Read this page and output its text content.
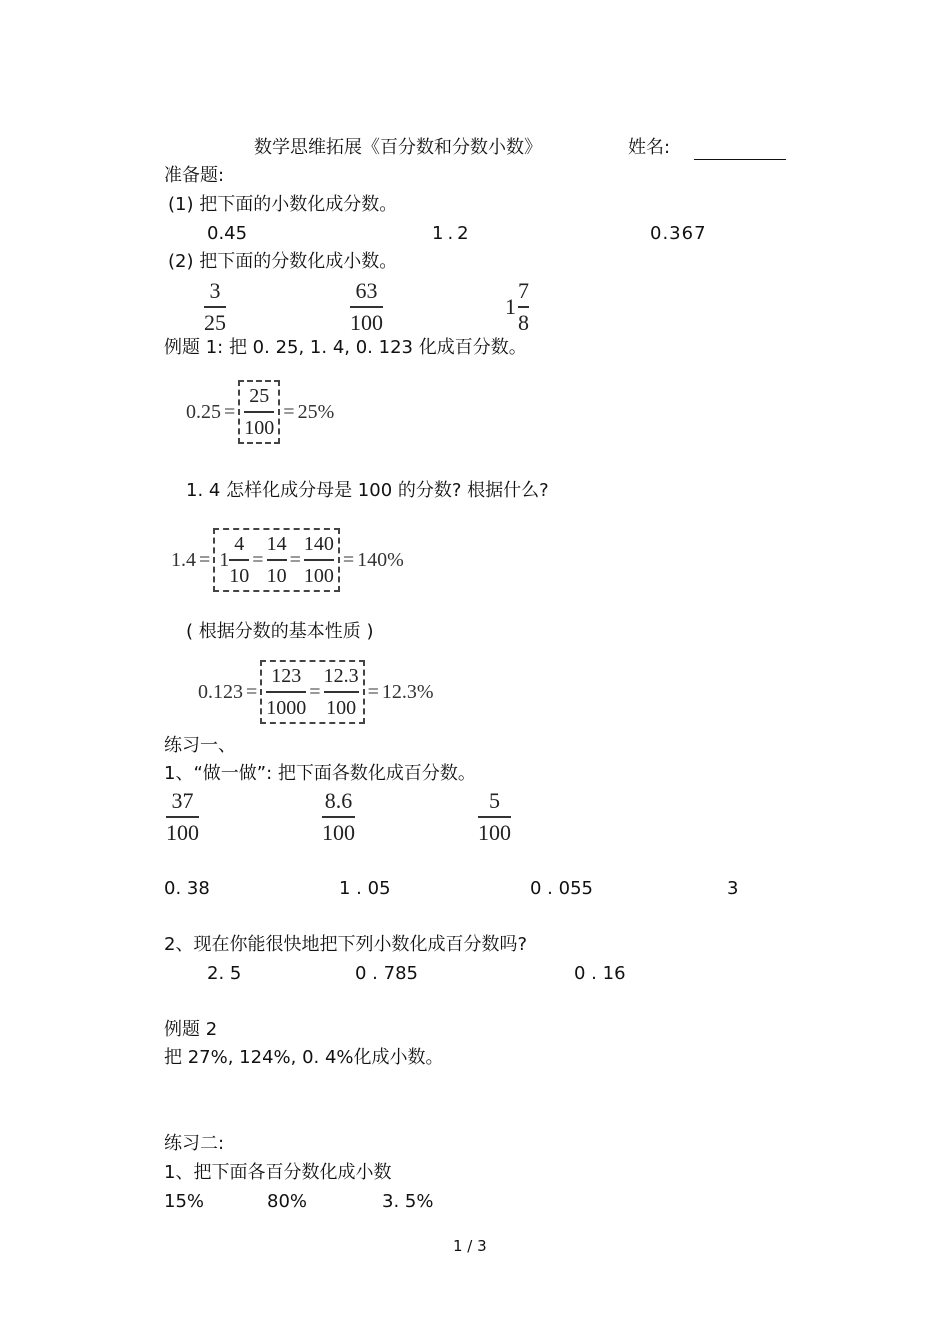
数学思维拓展《百分数和分数小数》	姓名:
准备题:
(1) 把下面的小数化成分数。
0.45	1.2	0.367
(2) 把下面的分数化成小数。
3
25
63
100
$1 \frac{7}{8}$
例题 1: 把 0. 25, 1. 4, 0. 123 化成百分数。
$0.25 = \frac{25}{100} = 25\%$
1. 4 怎样化成分母是 100 的分数? 根据什么?
$1.4 = 1 \frac{4}{10} = \frac{14}{10} = \frac{140}{100} = 140\%$
( 根据分数的基本性质 )
$0.123 = \frac{123}{1000} = \frac{12.3}{100} = 12.3\%$
练习一、
1、“做一做”: 把下面各数化成百分数。
37
100
8.6
100
5
100
0. 38	1 . 05	0 . 055	3
2、现在你能很快地把下列小数化成百分数吗?
2. 5	0 . 785	0 . 16
例题 2
把 27%, 124%, 0. 4%化成小数。
练习二:
1、把下面各百分数化成小数
15%	80%	3. 5%
1 / 3
